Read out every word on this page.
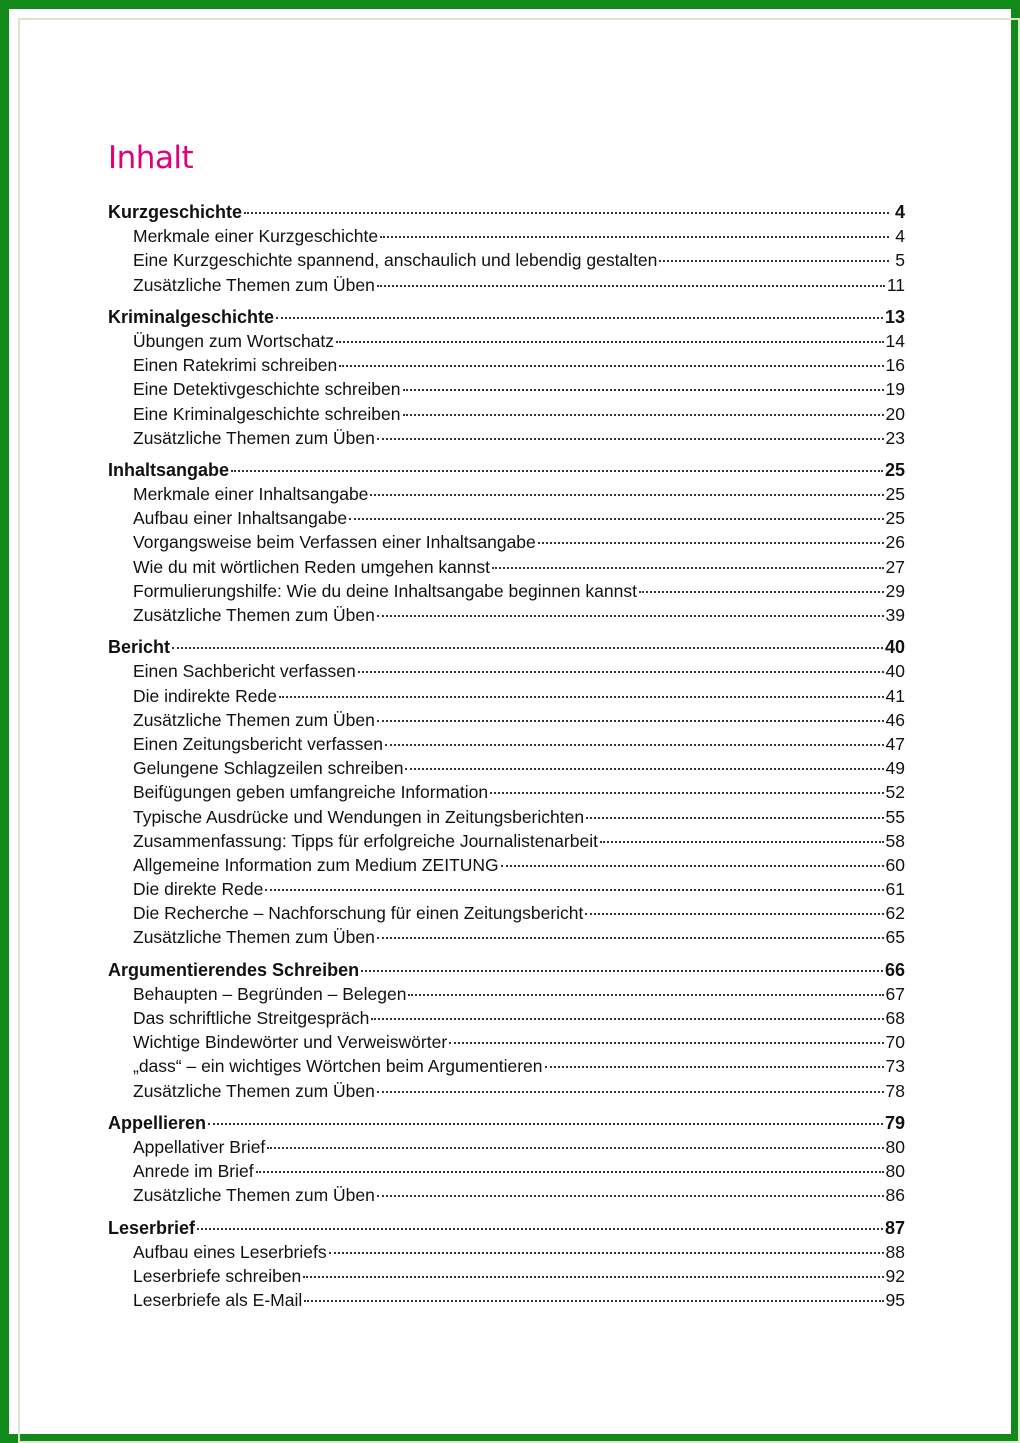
Inhalt
Kurzgeschichte	4
Merkmale einer Kurzgeschichte	4
Eine Kurzgeschichte spannend, anschaulich und lebendig gestalten	5
Zusätzliche Themen zum Üben	11
Kriminalgeschichte	13
Übungen zum Wortschatz	14
Einen Ratekrimi schreiben	16
Eine Detektivgeschichte schreiben	19
Eine Kriminalgeschichte schreiben	20
Zusätzliche Themen zum Üben	23
Inhaltsangabe	25
Merkmale einer Inhaltsangabe	25
Aufbau einer Inhaltsangabe	25
Vorgangsweise beim Verfassen einer Inhaltsangabe	26
Wie du mit wörtlichen Reden umgehen kannst	27
Formulierungshilfe: Wie du deine Inhaltsangabe beginnen kannst	29
Zusätzliche Themen zum Üben	39
Bericht	40
Einen Sachbericht verfassen	40
Die indirekte Rede	41
Zusätzliche Themen zum Üben	46
Einen Zeitungsbericht verfassen	47
Gelungene Schlagzeilen schreiben	49
Beifügungen geben umfangreiche Information	52
Typische Ausdrücke und Wendungen in Zeitungsberichten	55
Zusammenfassung: Tipps für erfolgreiche Journalistenarbeit	58
Allgemeine Information zum Medium ZEITUNG	60
Die direkte Rede	61
Die Recherche – Nachforschung für einen Zeitungsbericht	62
Zusätzliche Themen zum Üben	65
Argumentierendes Schreiben	66
Behaupten – Begründen – Belegen	67
Das schriftliche Streitgespräch	68
Wichtige Bindewörter und Verweiswörter	70
„dass“ – ein wichtiges Wörtchen beim Argumentieren	73
Zusätzliche Themen zum Üben	78
Appellieren	79
Appellativer Brief	80
Anrede im Brief	80
Zusätzliche Themen zum Üben	86
Leserbrief	87
Aufbau eines Leserbriefs	88
Leserbriefe schreiben	92
Leserbriefe als E-Mail	95
